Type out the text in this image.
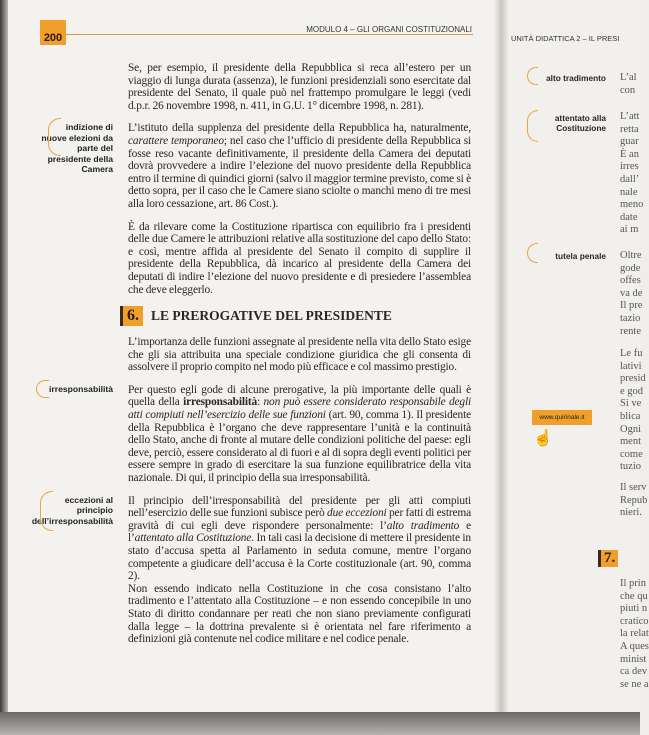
UNITÀ DIDATTICA 2 – IL PRESI
alto tradimento
attentato alla Costituzione
tutela penale
L’al
con
L’att
retta
guar
È an
irres
dall’
nale
meno
date
ai m
Oltre
gode
offes
va de
Il pre
tazio
rente
Le fu
lativi
presid
e god
Si ve
blica
Ogni
ment
come
tuzio
Il serv
Repub
nieri.
Il prin
che qu
piuti n
cratico
la relat
A ques
minist
ca dev
se ne a
www.quirinale.it
☝
7.
200
MODULO 4 – GLI ORGANI COSTITUZIONALI
Se, per esempio, il presidente della Repubblica si reca all’estero per un viaggio di lunga durata (assenza), le funzioni presidenziali sono esercitate dal presidente del Senato, il quale può nel frattempo promulgare le leggi (vedi d.p.r. 26 novembre 1998, n. 411, in G.U. 1° dicembre 1998, n. 281).
indizione di nuove elezioni da parte del presidente della Camera
L’istituto della supplenza del presidente della Repubblica ha, naturalmente, carattere temporaneo; nel caso che l’ufficio di presidente della Repubblica si fosse reso vacante definitivamente, il presidente della Camera dei deputati dovrà provvedere a indire l’elezione del nuovo presidente della Repubblica entro il termine di quindici giorni (salvo il maggior termine previsto, come si è detto sopra, per il caso che le Camere siano sciolte o manchi meno di tre mesi alla loro cessazione, art. 86 Cost.).
È da rilevare come la Costituzione ripartisca con equilibrio fra i presidenti delle due Camere le attribuzioni relative alla sostituzione del capo dello Stato: e così, mentre affida al presidente del Senato il compito di supplire il presidente della Repubblica, dà incarico al presidente della Camera dei deputati di indire l’elezione del nuovo presidente e di presiedere l’assemblea che deve eleggerlo.
6. LE PREROGATIVE DEL PRESIDENTE
L’importanza delle funzioni assegnate al presidente nella vita dello Stato esige che gli sia attribuita una speciale condizione giuridica che gli consenta di assolvere il proprio compito nel modo più efficace e col massimo prestigio.
irresponsabilità Per questo egli gode di alcune prerogative, la più importante delle quali è quella della irresponsabilità: non può essere considerato responsabile degli atti compiuti nell’esercizio delle sue funzioni (art. 90, comma 1). Il presidente della Repubblica è l’organo che deve rappresentare l’unità e la continuità dello Stato, anche di fronte al mutare delle condizioni politiche del paese: egli deve, perciò, essere considerato al di fuori e al di sopra degli eventi politici per essere sempre in grado di esercitare la sua funzione equilibratrice della vita nazionale. Di qui, il principio della sua irresponsabilità.
eccezioni al principio dell’irresponsabilità
Il principio dell’irresponsabilità del presidente per gli atti compiuti nell’esercizio delle sue funzioni subisce però due eccezioni per fatti di estrema gravità di cui egli deve rispondere personalmente: l’alto tradimento e l’attentato alla Costituzione. In tali casi la decisione di mettere il presidente in stato d’accusa spetta al Parlamento in seduta comune, mentre l’organo competente a giudicare dell’accusa è la Corte costituzionale (art. 90, comma 2).
Non essendo indicato nella Costituzione in che cosa consistano l’alto tradimento e l’attentato alla Costituzione – e non essendo concepibile in uno Stato di diritto condannare per reati che non siano previamente configurati dalla legge – la dottrina prevalente si è orientata nel fare riferimento a definizioni già contenute nel codice militare e nel codice penale.
